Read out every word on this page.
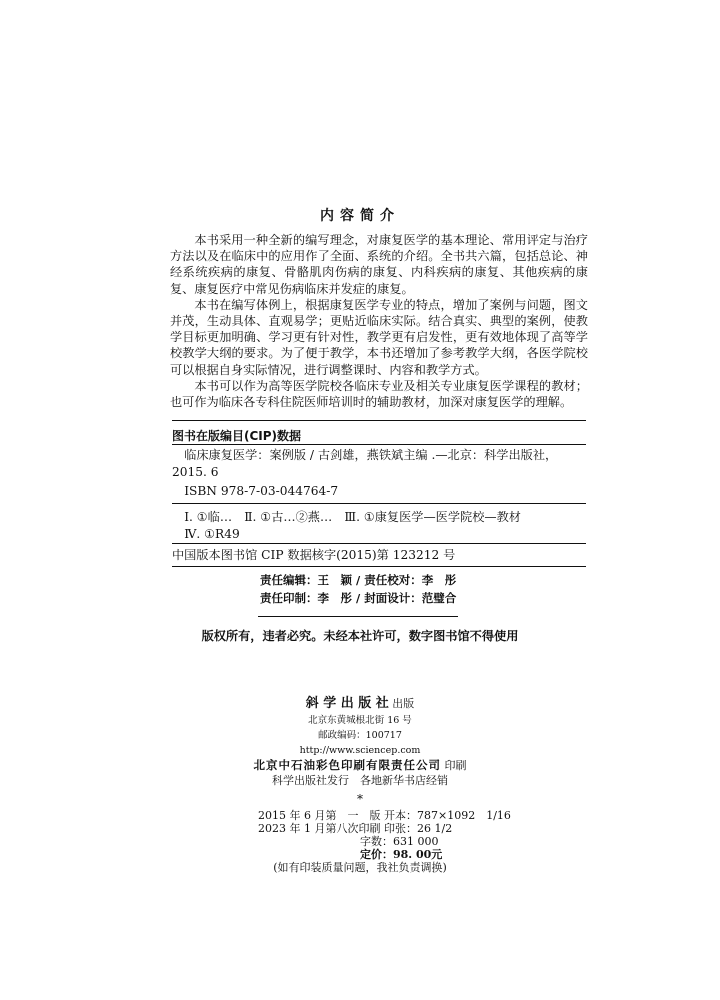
内容简介

本书采用一种全新的编写理念，对康复医学的基本理论、常用评定与治疗方法以及在临床中的应用作了全面、系统的介绍。全书共六篇，包括总论、神经系统疾病的康复、骨骼肌肉伤病的康复、内科疾病的康复、其他疾病的康复、康复医疗中常见伤病临床并发症的康复。

本书在编写体例上，根据康复医学专业的特点，增加了案例与问题，图文并茂，生动具体、直观易学；更贴近临床实际。结合真实、典型的案例，使教学目标更加明确、学习更有针对性，教学更有启发性，更有效地体现了高等学校教学大纲的要求。为了便于教学，本书还增加了参考教学大纲，各医学院校可以根据自身实际情况，进行调整课时、内容和教学方式。

本书可以作为高等医学院校各临床专业及相关专业康复医学课程的教材；也可作为临床各专科住院医师培训时的辅助教材，加深对康复医学的理解。

图书在版编目(CIP)数据

临床康复医学：案例版 / 古剑雄，燕铁斌主编 .—北京：科学出版社，2015. 6

ISBN 978-7-03-044764-7

Ⅰ. ①临…　Ⅱ. ①古…②燕…　Ⅲ. ①康复医学—医学院校—教材

Ⅳ. ①R49

中国版本图书馆 CIP 数据核字(2015)第 123212 号

责任编辑：王　颖 / 责任校对：李　彤
责任印制：李　彤 / 封面设计：范璧合
版权所有，违者必究。未经本社许可，数字图书馆不得使用
斜 学 出 版 社 出版
北京东黄城根北街 16 号
邮政编码：100717
http://www.sciencep.com
北京中石油彩色印刷有限责任公司 印刷
科学出版社发行　各地新华书店经销
*
2015 年 6 月第　一　版 开本：787×1092　1/16
2023 年 1 月第八次印刷 印张：26 1/2
字数：631 000
定价：98. 00元
(如有印装质量问题，我社负责调换)
